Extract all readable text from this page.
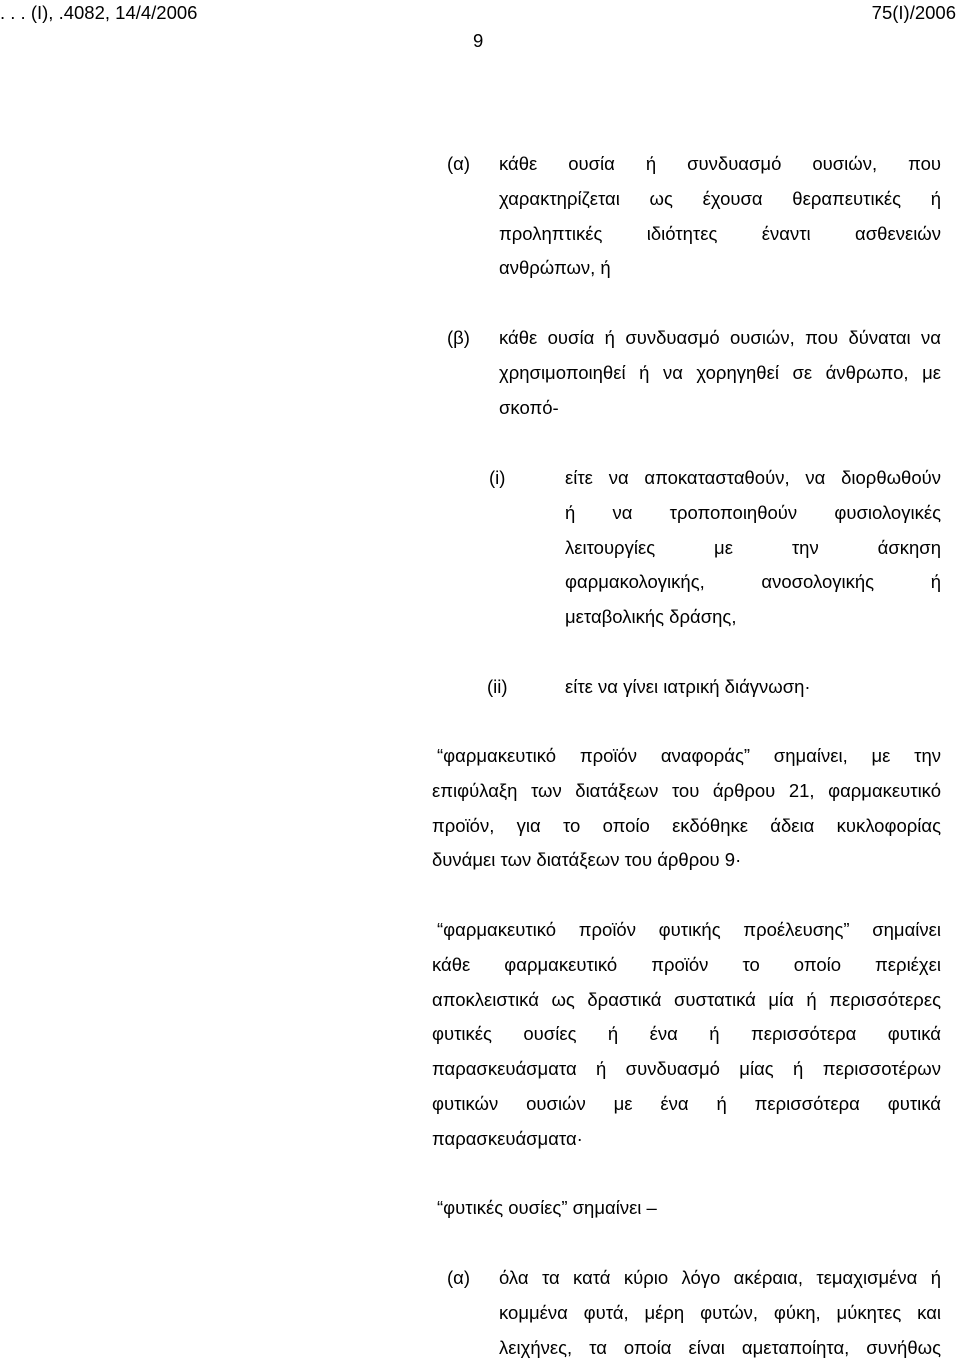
. . . (Ι), .4082, 14/4/2006	75(I)/2006
9
(α) κάθε ουσία ή συνδυασμό ουσιών, που
χαρακτηρίζεται ως έχουσα θεραπευτικές ή
προληπτικές ιδιότητες έναντι ασθενειών
ανθρώπων, ή
(β) κάθε ουσία ή συνδυασμό ουσιών, που δύναται να
χρησιμοποιηθεί ή να χορηγηθεί σε άνθρωπο, με
σκοπό-
(i)	είτε να αποκατασταθούν, να διορθωθούν
ή να τροποποιηθούν φυσιολογικές
λειτουργίες με την άσκηση
φαρμακολογικής, ανοσολογικής ή
μεταβολικής δράσης,
(ii)	είτε να γίνει ιατρική διάγνωση·
“φαρμακευτικό προϊόν αναφοράς” σημαίνει, με την
επιφύλαξη των διατάξεων του άρθρου 21, φαρμακευτικό
προϊόν, για το οποίο εκδόθηκε άδεια κυκλοφορίας
δυνάμει των διατάξεων του άρθρου 9·
“φαρμακευτικό προϊόν φυτικής προέλευσης” σημαίνει
κάθε φαρμακευτικό προϊόν το οποίο περιέχει
αποκλειστικά ως δραστικά συστατικά μία ή περισσότερες
φυτικές ουσίες ή ένα ή περισσότερα φυτικά
παρασκευάσματα ή συνδυασμό μίας ή περισσοτέρων
φυτικών ουσιών με ένα ή περισσότερα φυτικά
παρασκευάσματα·
“φυτικές ουσίες” σημαίνει –
(α) όλα τα κατά κύριο λόγο ακέραια, τεμαχισμένα ή
κομμένα φυτά, μέρη φυτών, φύκη, μύκητες και
λειχήνες, τα οποία είναι αμεταποίητα, συνήθως
